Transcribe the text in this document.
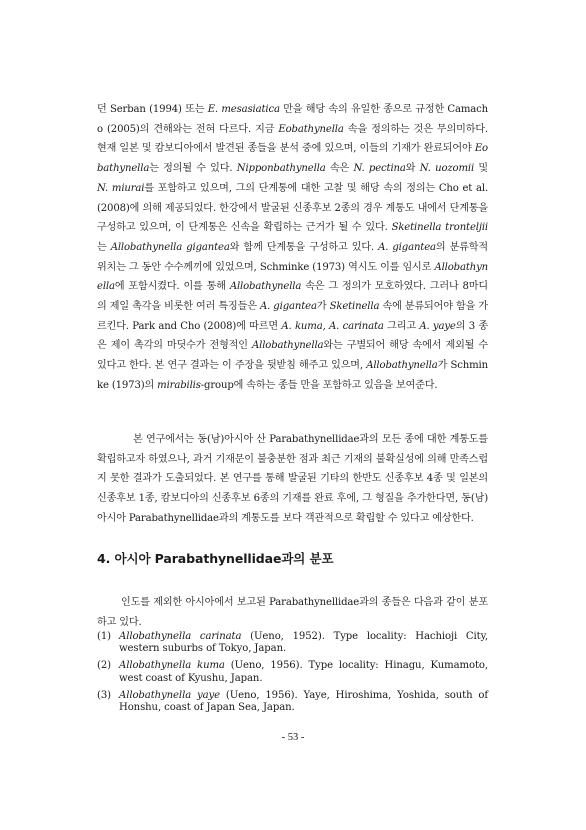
던 Serban (1994) 또는 E. mesasiatica 만을 해당 속의 유일한 종으로 규정한 Camacho (2005)의 견해와는 전혀 다르다. 지금 Eobathynella 속을 정의하는 것은 무의미하다. 현재 일본 및 캄보디아에서 발견된 종들을 분석 중에 있으며, 이들의 기재가 완료되어야 Eobathynella는 정의될 수 있다. Nipponbathynella 속은 N. pectina와 N. uozomii 및 N. miurai를 포함하고 있으며, 그의 단계통에 대한 고찰 및 해당 속의 정의는 Cho et al. (2008)에 의해 제공되었다. 한강에서 발굴된 신종후보 2종의 경우 계통도 내에서 단계통을 구성하고 있으며, 이 단계통은 신속을 확립하는 근거가 될 수 있다. Sketinella tronteljii는 Allobathynella gigantea와 함께 단계통을 구성하고 있다. A. gigantea의 분류학적 위치는 그 동안 수수께끼에 있었으며, Schminke (1973) 역시도 이를 임시로 Allobathynella에 포함시켰다. 이를 통해 Allobathynella 속은 그 정의가 모호하였다. 그러나 8마디의 제일 촉각을 비롯한 여러 특징들은 A. gigantea가 Sketinella 속에 분류되어야 함을 가르킨다. Park and Cho (2008)에 따르면 A. kuma, A. carinata 그리고 A. yaye의 3 종은 제이 촉각의 마딧수가 전형적인 Allobathynella와는 구별되어 해당 속에서 제외될 수 있다고 한다. 본 연구 결과는 이 주장을 뒷받침 해주고 있으며, Allobathynella가 Schminke (1973)의 mirabilis-group에 속하는 종들 만을 포함하고 있음을 보여준다.
본 연구에서는 동(남)아시아 산 Parabathynellidae과의 모든 종에 대한 계통도를 확립하고자 하였으나, 과거 기재문이 불충분한 점과 최근 기재의 불확실성에 의해 만족스럽지 못한 결과가 도출되었다. 본 연구를 통해 발굴된 기타의 한반도 신종후보 4종 및 일본의 신종후보 1종, 캄보디아의 신종후보 6종의 기재를 완료 후에, 그 형질을 추가한다면, 동(남)아시아 Parabathynellidae과의 계통도를 보다 객관적으로 확립할 수 있다고 예상한다.
4. 아시아 Parabathynellidae과의 분포
인도를 제외한 아시아에서 보고된 Parabathynellidae과의 종들은 다음과 같이 분포하고 있다.
(1) Allobathynella carinata (Ueno, 1952). Type locality: Hachioji City, western suburbs of Tokyo, Japan.
(2) Allobathynella kuma (Ueno, 1956). Type locality: Hinagu, Kumamoto, west coast of Kyushu, Japan.
(3) Allobathynella yaye (Ueno, 1956). Yaye, Hiroshima, Yoshida, south of Honshu, coast of Japan Sea, Japan.
- 53 -
